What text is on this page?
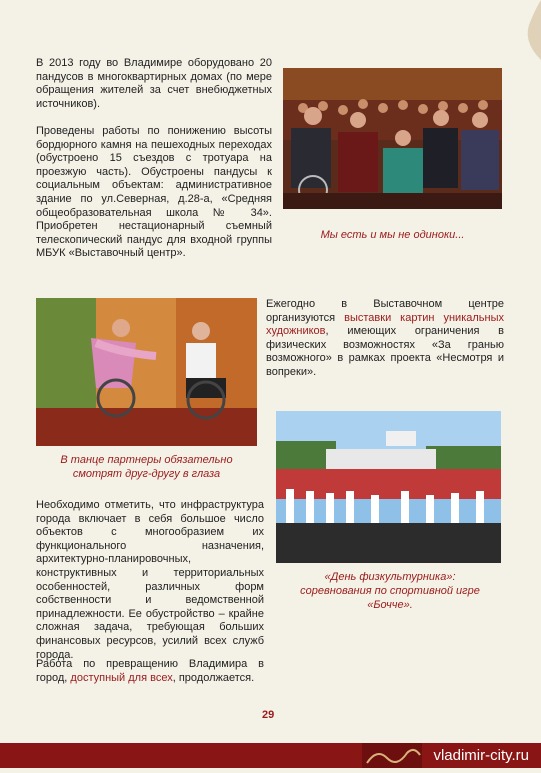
В 2013 году во Владимире оборудовано 20 пандусов в многоквартирных домах (по мере обращения жителей за счет внебюджетных источников).

Проведены работы по понижению высоты бордюрного камня на пешеходных переходах (обустроено 15 съездов с тротуара на проезжую часть). Обустроены пандусы к социальным объектам: административное здание по ул.Северная, д.28-а, «Средняя общеобразовательная школа № 34». Приобретен нестационарный съемный телескопический пандус для входной группы МБУК «Выставочный центр».

Мы есть и мы не одиноки...

В танце партнеры обязательно смотрят друг-другу в глаза

Ежегодно в Выставочном центре организуются выставки картин уникальных художников, имеющих ограничения в физических возможностях «За гранью возможного» в рамках проекта «Несмотря и вопреки».

«День физкультурника»: соревнования по спортивной игре «Бочче».

Необходимо отметить, что инфраструктура города включает в себя большое число объектов с многообразием их функционального назначения, архитектурно-планировочных, конструктивных и территориальных особенностей, различных форм собственности и ведомственной принадлежности. Ее обустройство – крайне сложная задача, требующая больших финансовых ресурсов, усилий всех служб города.

Работа по превращению Владимира в город, доступный для всех, продолжается.

29
vladimir-city.ru
